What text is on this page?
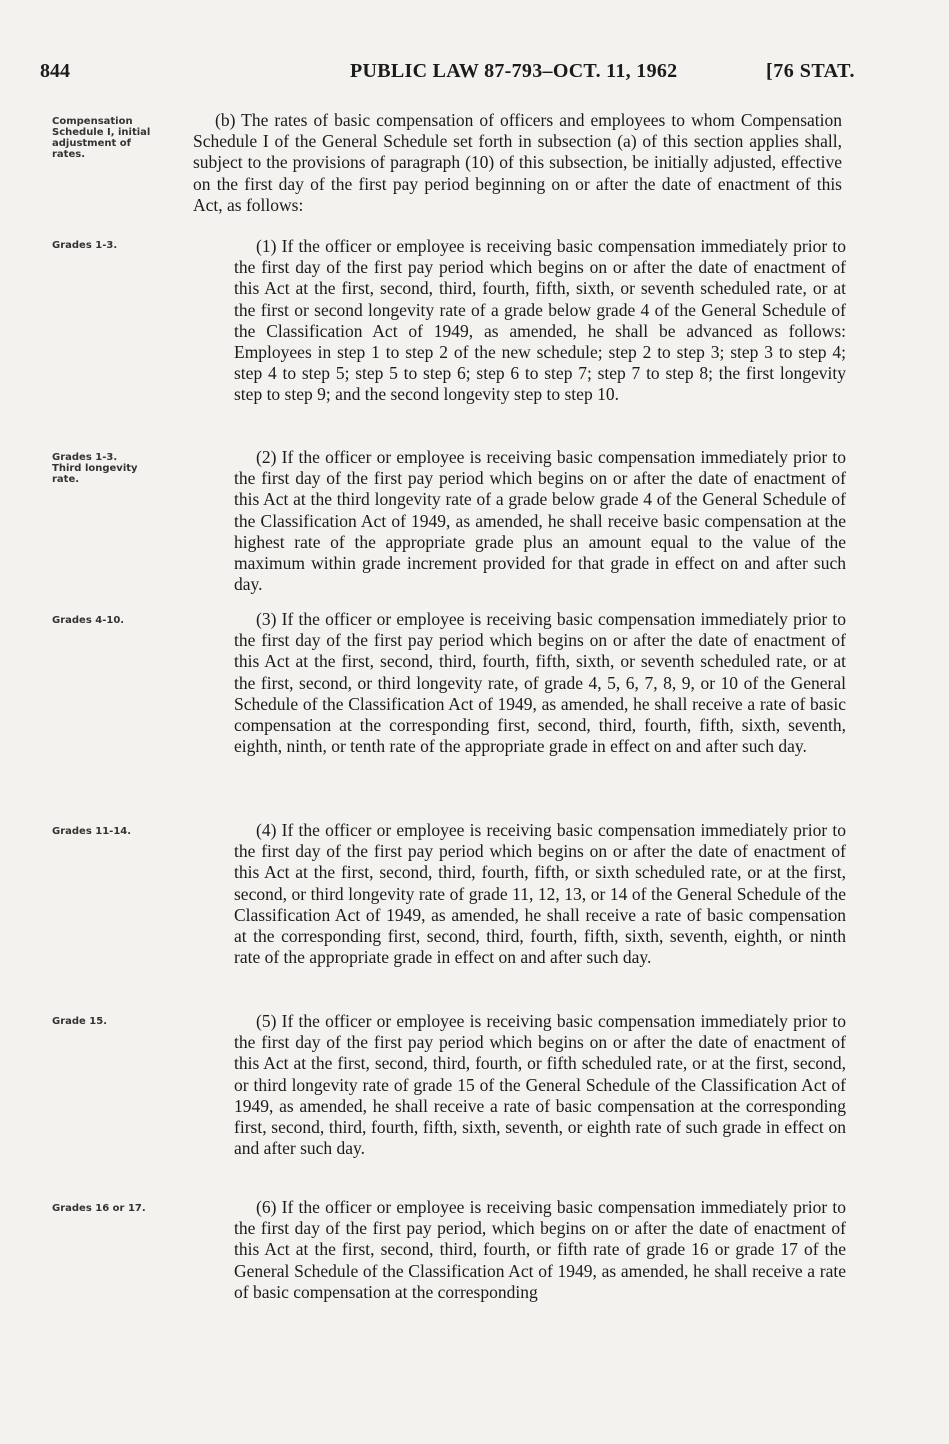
844	PUBLIC LAW 87-793–OCT. 11, 1962	[76 STAT.
Compensation
Schedule I, initial
adjustment of
rates.
Grades 1-3.
Grades 1-3.
Third longevity
rate.
Grades 4-10.
Grades 11-14.
Grade 15.
Grades 16 or 17.

(b) The rates of basic compensation of officers and employees to whom Compensation Schedule I of the General Schedule set forth in subsection (a) of this section applies shall, subject to the provisions of paragraph (10) of this subsection, be initially adjusted, effective on the first day of the first pay period beginning on or after the date of enactment of this Act, as follows:

(1) If the officer or employee is receiving basic compensation immediately prior to the first day of the first pay period which begins on or after the date of enactment of this Act at the first, second, third, fourth, fifth, sixth, or seventh scheduled rate, or at the first or second longevity rate of a grade below grade 4 of the General Schedule of the Classification Act of 1949, as amended, he shall be advanced as follows: Employees in step 1 to step 2 of the new schedule; step 2 to step 3; step 3 to step 4; step 4 to step 5; step 5 to step 6; step 6 to step 7; step 7 to step 8; the first longevity step to step 9; and the second longevity step to step 10.

(2) If the officer or employee is receiving basic compensation immediately prior to the first day of the first pay period which begins on or after the date of enactment of this Act at the third longevity rate of a grade below grade 4 of the General Schedule of the Classification Act of 1949, as amended, he shall receive basic compensation at the highest rate of the appropriate grade plus an amount equal to the value of the maximum within grade increment provided for that grade in effect on and after such day.

(3) If the officer or employee is receiving basic compensation immediately prior to the first day of the first pay period which begins on or after the date of enactment of this Act at the first, second, third, fourth, fifth, sixth, or seventh scheduled rate, or at the first, second, or third longevity rate, of grade 4, 5, 6, 7, 8, 9, or 10 of the General Schedule of the Classification Act of 1949, as amended, he shall receive a rate of basic compensation at the corresponding first, second, third, fourth, fifth, sixth, seventh, eighth, ninth, or tenth rate of the appropriate grade in effect on and after such day.

(4) If the officer or employee is receiving basic compensation immediately prior to the first day of the first pay period which begins on or after the date of enactment of this Act at the first, second, third, fourth, fifth, or sixth scheduled rate, or at the first, second, or third longevity rate of grade 11, 12, 13, or 14 of the General Schedule of the Classification Act of 1949, as amended, he shall receive a rate of basic compensation at the corresponding first, second, third, fourth, fifth, sixth, seventh, eighth, or ninth rate of the appropriate grade in effect on and after such day.

(5) If the officer or employee is receiving basic compensation immediately prior to the first day of the first pay period which begins on or after the date of enactment of this Act at the first, second, third, fourth, or fifth scheduled rate, or at the first, second, or third longevity rate of grade 15 of the General Schedule of the Classification Act of 1949, as amended, he shall receive a rate of basic compensation at the corresponding first, second, third, fourth, fifth, sixth, seventh, or eighth rate of such grade in effect on and after such day.

(6) If the officer or employee is receiving basic compensation immediately prior to the first day of the first pay period, which begins on or after the date of enactment of this Act at the first, second, third, fourth, or fifth rate of grade 16 or grade 17 of the General Schedule of the Classification Act of 1949, as amended, he shall receive a rate of basic compensation at the corresponding
